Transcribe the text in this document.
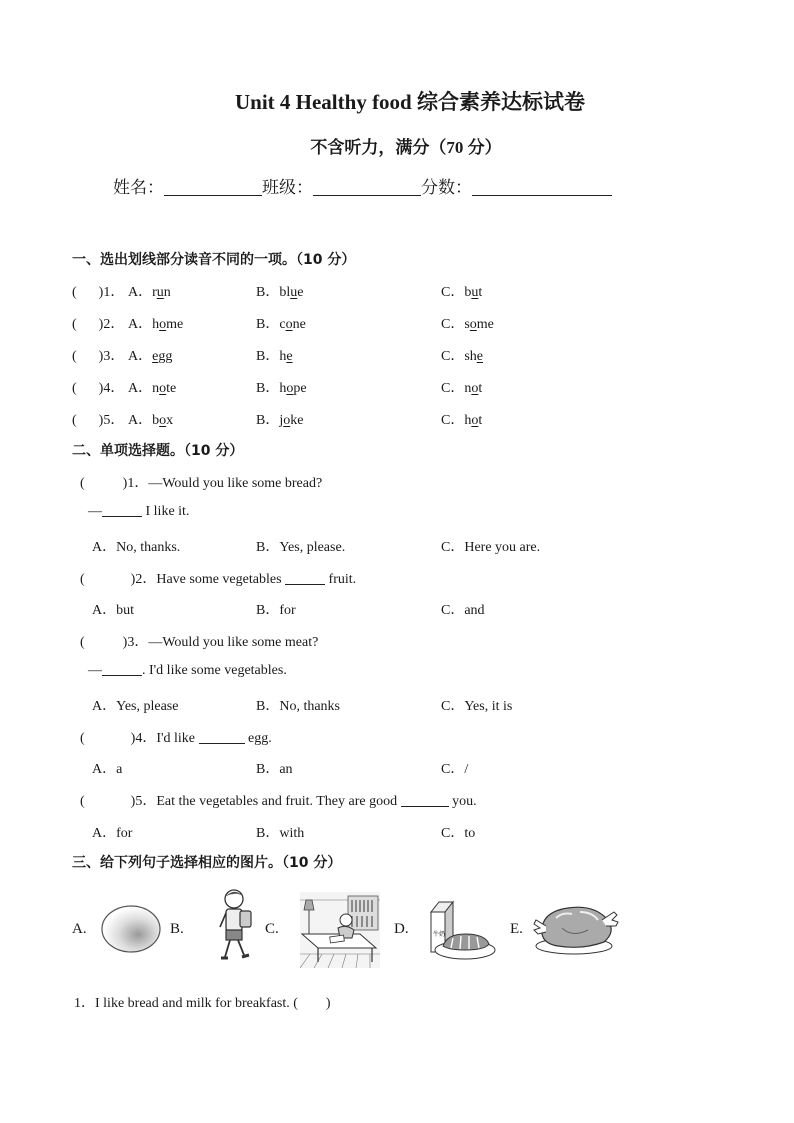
Unit 4 Healthy food 综合素养达标试卷
不含听力，满分（70 分）
姓名：	班级：	分数：
一、选出划线部分读音不同的一项。（10 分）
( )1． A．run	B．blue	C．but
( )2． A．home	B．cone	C．some
( )3． A．egg	B．he	C．she
( )4． A．note	B．hope	C．not
( )5． A．box	B．joke	C．hot
二、单项选择题。（10 分）
(	)1．—Would you like some bread?
—	I like it.
A．No, thanks.	B．Yes, please.	C．Here you are.
(	)2．Have some vegetables	fruit.
A．but	B．for	C．and
(	)3．—Would you like some meat?
—	. I'd like some vegetables.
A．Yes, please	B．No, thanks	C．Yes, it is
(	)4．I'd like	egg.
A．a	B．an	C．/
(	)5．Eat the vegetables and fruit. They are good	you.
A．for	B．with	C．to
三、给下列句子选择相应的图片。（10 分）
A.	B.	C.	D.	E.
牛奶
1．I like bread and milk for breakfast. (　　)
